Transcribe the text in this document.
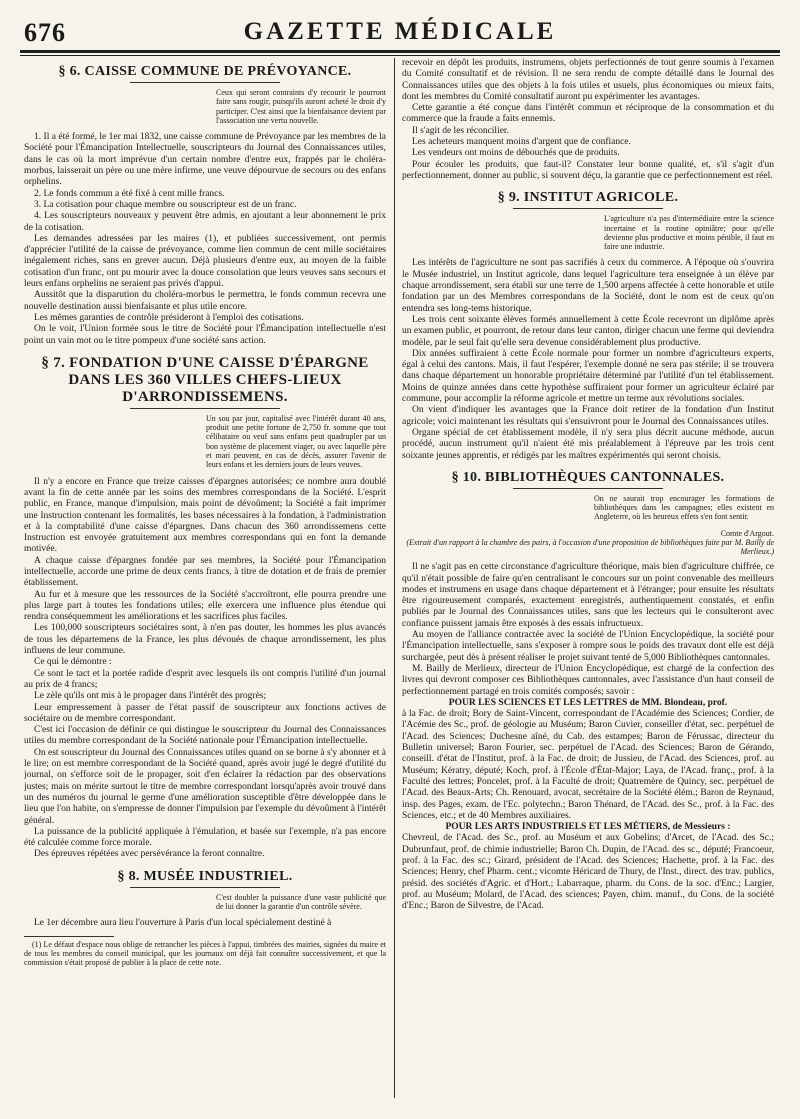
676	GAZETTE MÉDICALE
§ 6. CAISSE COMMUNE DE PRÉVOYANCE.
Ceux qui seront contraints d'y recourir le pourront faire sans rougir, puisqu'ils auront acheté le droit d'y participer. C'est ainsi que la bienfaisance devient par l'association une vertu nouvelle.

1. Il a été formé, le 1er mai 1832, une caisse commune de Prévoyance par les membres de la Société pour l'Émancipation Intellectuelle, souscripteurs du Journal des Connaissances utiles, dans le cas où la mort imprévue d'un certain nombre d'entre eux, frappés par le choléra-morbus, laisserait un père ou une mère infirme, une veuve dépourvue de secours ou des enfans orphelins.

2. Le fonds commun a été fixé à cent mille francs.

3. La cotisation pour chaque membre ou souscripteur est de un franc.

4. Les souscripteurs nouveaux y peuvent être admis, en ajoutant a leur abonnement le prix de la cotisation.

Les demandes adressées par les maires (1), et publiées successivement, ont permis d'apprécier l'utilité de la caisse de prévoyance, comme lien commun de cent mille sociétaires inégalement riches, sans en grever aucun. Déjà plusieurs d'entre eux, au moyen de la faible cotisation d'un franc, ont pu mourir avec la douce consolation que leurs veuves sans secours et leurs enfans orphelins ne seraient pas privés d'appui.

Aussitôt que la disparution du choléra-morbus le permettra, le fonds commun recevra une nouvelle destination aussi bienfaisante et plus utile encore.

Les mêmes garanties de contrôle présideront à l'emploi des cotisations.

On le voit, l'Union formée sous le titre de Société pour l'Émancipation intellectuelle n'est point un vain mot ou le titre pompeux d'une société sans action.

§ 7. FONDATION D'UNE CAISSE D'ÉPARGNE DANS LES 360 VILLES CHEFS-LIEUX D'ARRONDISSEMENS.
Un sou par jour, capitalisé avec l'intérêt durant 40 ans, produit une petite fortune de 2,750 fr. somme que tout célibataire ou veuf sans enfans peut quadrupler par un bon système de placement viager, ou avec laquelle père et mari peuvent, en cas de décès, assurer l'avenir de leurs enfans et les derniers jours de leurs veuves.

Il n'y a encore en France que treize caisses d'épargnes autorisées; ce nombre aura doublé avant la fin de cette année par les soins des membres correspondans de la Société. L'esprit public, en France, manque d'impulsion, mais point de dévoûment; la Société a fait imprimer une Instruction contenant les formalités, les bases nécessaires à la fondation, à l'administration et à la comptabilité d'une caisse d'épargnes. Dans chacun des 360 arrondissemens cette Instruction est envoyée gratuitement aux membres correspondans qui en font la demande motivée.

A chaque caisse d'épargnes fondée par ses membres, la Société pour l'Émancipation intellectuelle, accorde une prime de deux cents francs, à titre de dotation et de frais de premier établissement.

Au fur et à mesure que les ressources de la Société s'accroîtront, elle pourra prendre une plus large part à toutes les fondations utiles; elle exercera une influence plus étendue qui rendra conséquemment les améliorations et les sacrifices plus faciles.

Les 100,000 souscripteurs sociétaires sont, à n'en pas douter, les hommes les plus avancés de tous les départemens de la France, les plus dévoués de chaque arrondissement, les plus influens de leur commune.

Ce qui le démontre :

Ce sont le tact et la portée radide d'esprit avec lesquels ils ont compris l'utilité d'un journal au prix de 4 francs;

Le zèle qu'ils ont mis à le propager dans l'intérêt des progrès;

Leur empressement à passer de l'état passif de souscripteur aux fonctions actives de sociétaire ou de membre correspondant.

C'est ici l'occasion de définir ce qui distingue le souscripteur du Journal des Connaissances utiles du membre correspondant de la Société nationale pour l'Émancipation intellectuelle.

On est souscripteur du Journal des Connaissances utiles quand on se borne à s'y abonner et à le lire; on est membre correspondant de la Société quand, après avoir jugé le degré d'utilité du journal, on s'efforce soit de le propager, soit d'en éclairer la rédaction par des observations justes; mais on mérite surtout le titre de membre correspondant lorsqu'après avoir trouvé dans un des numéros du journal le germe d'une amélioration susceptible d'être développée dans le lieu que l'on habite, on s'empresse de donner l'impulsion par l'exemple du dévoûment à l'intérêt général.

La puissance de la publicité appliquée à l'émulation, et basée sur l'exemple, n'a pas encore été calculée comme force morale.

Des épreuves répétées avec persévérance la feront connaître.

§ 8. MUSÉE INDUSTRIEL.
C'est doubler la puissance d'une vaste publicité que de lui donner la garantie d'un contrôle sévère.

Le 1er décembre aura lieu l'ouverture à Paris d'un local spécialement destiné à

(1) Le défaut d'espace nous oblige de retrancher les pièces à l'appui, timbrées des mairies, signées du maire et de tous les membres du conseil municipal, que les journaux ont déjà fait connaître successivement, et que la commission s'était proposé de publier à la place de cette note.

recevoir en dépôt les produits, instrumens, objets perfectionnés de tout genre soumis à l'examen du Comité consultatif et de révision. Il ne sera rendu de compte détaillé dans le Journal des Connaissances utiles que des objets à la fois utiles et usuels, plus économiques ou mieux faits, dont les membres du Comité consultatif auront pu expérimenter les avantages.

Cette garantie a été conçue dans l'intérêt commun et réciproque de la consommation et du commerce que la fraude a faits ennemis.

Il s'agit de les réconcilier.

Les acheteurs manquent moins d'argent que de confiance.

Les vendeurs ont moins de débouchés que de produits.

Pour écouler les produits, que faut-il? Constater leur bonne qualité, et, s'il s'agit d'un perfectionnement, donner au public, si souvent déçu, la garantie que ce perfectionnement est réel.

§ 9. INSTITUT AGRICOLE.
L'agriculture n'a pas d'intermédiaire entre la science incertaine et la routine opiniâtre; pour qu'elle devienne plus productive et moins pénible, il faut en faire une industrie.

Les intérêts de l'agriculture ne sont pas sacrifiés à ceux du commerce. A l'époque où s'ouvrira le Musée industriel, un Institut agricole, dans lequel l'agriculture tera enseignée à un élève par chaque arrondissement, sera établi sur une terre de 1,500 arpens affectée à cette honorable et utile fondation par un des Membres correspondans de la Société, dont le nom est de ceux qu'on entendra ses long-tems historique.

Les trois cent soixante élèves formés annuellement à cette École recevront un diplôme après un examen public, et pourront, de retour dans leur canton, diriger chacun une ferme qui deviendra modèle, par le seul fait qu'elle sera devenue considérablement plus productive.

Dix années suffiraient à cette École normale pour former un nombre d'agriculteurs experts, égal à celui des cantons. Mais, il faut l'espérer, l'exemple donné ne sera pas stérile; il se trouvera dans chaque département un honorable propriétaire déterminé par l'utilité d'un tel établissement. Moins de quinze années dans cette hypothèse suffiraient pour former un agriculteur éclairé par commune, pour accomplir la réforme agricole et mettre un terme aux révolutions sociales.

On vient d'indiquer les avantages que la France doit retirer de la fondation d'un Institut agricole; voici maintenant les résultats qui s'ensuivront pour le Journal des Connaissances utiles.

Organe spécial de cet établissement modèle, il n'y sera plus décrit aucune méthode, aucun procédé, aucun instrument qu'il n'aient été mis préalablement à l'épreuve par les trois cent soixante jeunes apprentis, et rédigés par les maîtres expérimentés qui seront choisis.

§ 10. BIBLIOTHÈQUES CANTONNALES.
On ne saurait trop encourager les formations de bibliothèques dans les campagnes; elles existent en Angleterre, où les heureux effets s'en font sentir.
Comte d'Argout.
(Extrait d'un rapport à la chambre des pairs, à l'occasion d'une proposition de bibliothèques faite par M. Bailly de Merlieux.)

Il ne s'agit pas en cette circonstance d'agriculture théorique, mais bien d'agriculture chiffrée, ce qu'il n'était possible de faire qu'en centralisant le concours sur un point convenable des meilleurs modes et instrumens en usage dans chaque département et à l'étranger; pour ensuite les résultats être rigoureusement comparés, exactement enregistrés, authentiquement constatés, et enfin publiés par le Journal des Connaissances utiles, sans que les lecteurs qui le consulteront avec confiance puissent jamais être exposés à des essais infructueux.

Au moyen de l'alliance contractée avec la société de l'Union Encyclopédique, la société pour l'Émancipation intellectuelle, sans s'exposer à rompre sous le poids des travaux dont elle est déjà surchargée, peut dès à présent réaliser le projet suivant tenté de 5,000 Bibliothèques cantonnales.

M. Bailly de Merlieux, directeur de l'Union Encyclopédique, est chargé de la confection des livres qui devront composer ces Bibliothèques cantonnales, avec l'assistance d'un haut conseil de perfectionnement partagé en trois comités composés; savoir :

POUR LES SCIENCES ET LES LETTRES de MM. Blondeau, prof.

à la Fac. de droit; Bory de Saint-Vincent, correspondant de l'Académie des Sciences; Cordier, de l'Acémie des Sc., prof. de géologie au Muséum; Baron Cuvier, conseiller d'état, sec. perpétuel de l'Acad. des Sciences; Duchesne aîné, du Cab. des estampes; Baron de Férussac, directeur du Bulletin universel; Baron Fourier, sec. perpétuel de l'Acad. des Sciences; Baron de Gérando, conseill. d'état de l'Institut, prof. à la Fac. de droit; de Jussieu, de l'Acad. des Sciences, prof. au Muséum; Kératry, député; Koch, prof. à l'École d'État-Major; Laya, de l'Acad. franç., prof. à la Faculté des lettres; Poncelet, prof. à la Faculté de droit; Quatremère de Quincy, sec. perpétuel de l'Acad. des Beaux-Arts; Ch. Renouard, avocat, secrétaire de la Société élém.; Baron de Reynaud, insp. des Pages, exam. de l'Ec. polytechn.; Baron Thénard, de l'Acad. des Sc., prof. à la Fac. des Sciences, etc.; et de 40 Membres auxiliaires.

POUR LES ARTS INDUSTRIELS ET LES MÉTIERS, de Messieurs :

Chevreul, de l'Acad. des Sc., prof. au Muséum et aux Gobelins; d'Arcet, de l'Acad. des Sc.; Dubrunfaut, prof. de chimie industrielle; Baron Ch. Dupin, de l'Acad. des sc., député; Francoeur, prof. à la Fac. des sc.; Girard, président de l'Acad. des Sciences; Hachette, prof. à la Fac. des Sciences; Henry, chef Pharm. cent.; vicomte Héricard de Thury, de l'Inst., direct. des trav. publics, présid. des sociétés d'Agric. et d'Hort.; Labarraque, pharm. du Cons. de la soc. d'Enc.; Largier, prof. au Muséum; Molard, de l'Acad. des sciences; Payen, chim. manuf., du Cons. de la société d'Enc.; Baron de Silvestre, de l'Acad.
